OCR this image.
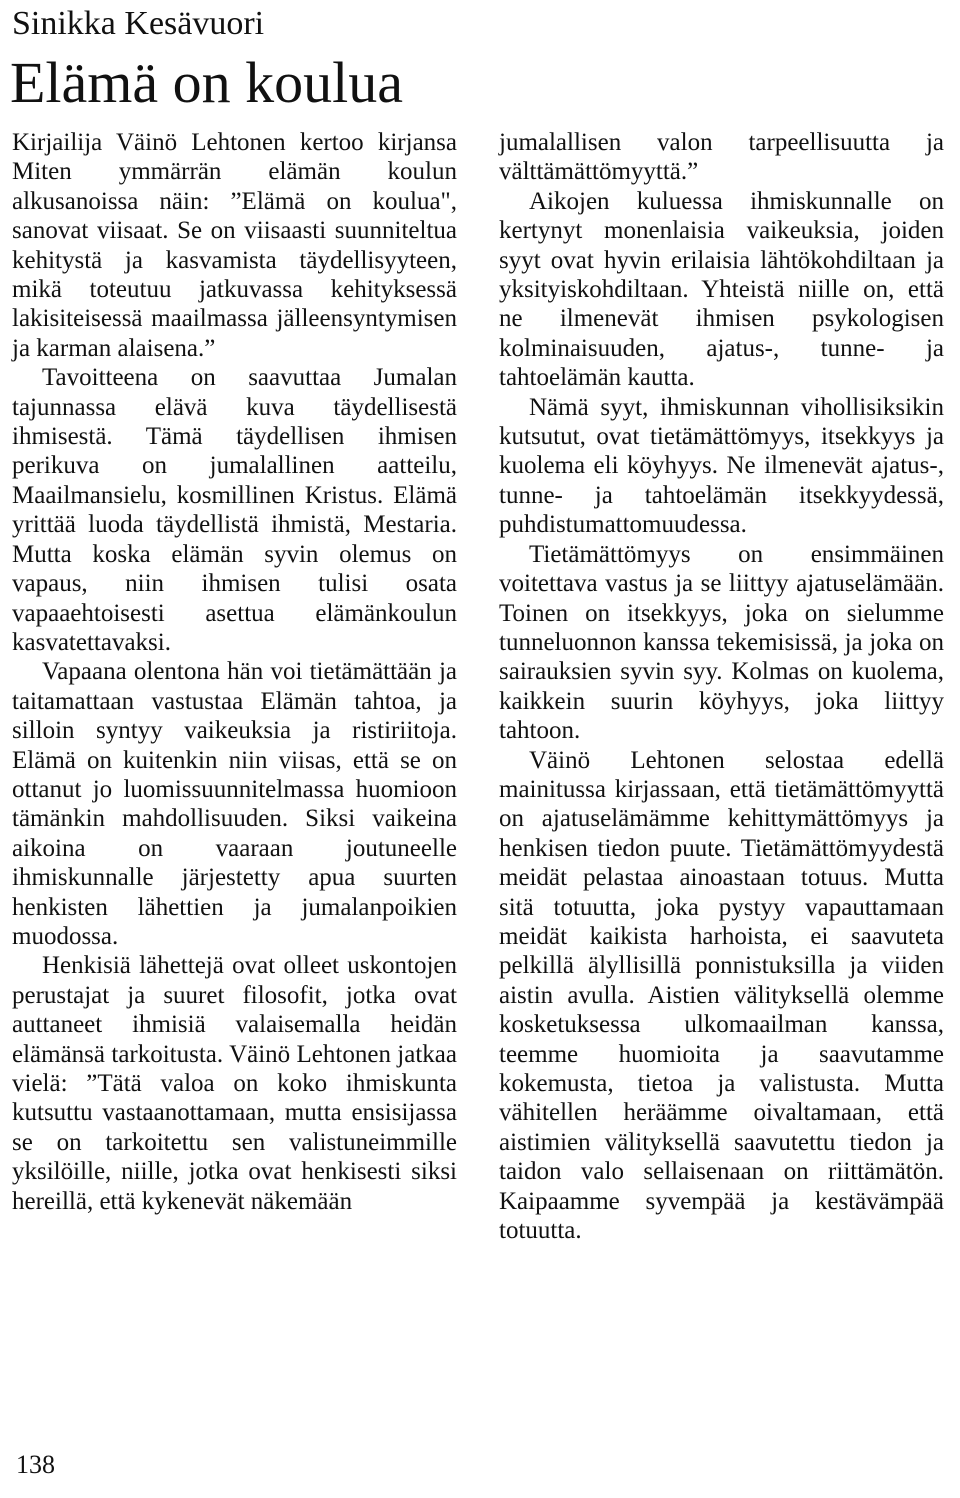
Sinikka Kesävuori
Elämä on koulua

Kirjailija Väinö Lehtonen kertoo kirjansa Miten ymmärrän elämän koulun alkusanoissa näin: ”Elämä on koulua", sanovat viisaat. Se on viisaasti suunniteltua kehitystä ja kasvamista täydellisyyteen, mikä toteutuu jatkuvassa kehityksessä lakisiteisessä maailmassa jälleensyntymisen ja karman alaisena.”

Tavoitteena on saavuttaa Jumalan tajunnassa elävä kuva täydellisestä ihmisestä. Tämä täydellisen ihmisen perikuva on jumalallinen aatteilu, Maailmansielu, kosmillinen Kristus. Elämä yrittää luoda täydellistä ihmistä, Mestaria. Mutta koska elämän syvin olemus on vapaus, niin ihmisen tulisi osata vapaaehtoisesti asettua elämänkoulun kasvatettavaksi.

Vapaana olentona hän voi tietämättään ja taitamattaan vastustaa Elämän tahtoa, ja silloin syntyy vaikeuksia ja ristiriitoja. Elämä on kuitenkin niin viisas, että se on ottanut jo luomissuunnitelmassa huomioon tämänkin mahdollisuuden. Siksi vaikeina aikoina on vaaraan joutuneelle ihmiskunnalle järjestetty apua suurten henkisten lähettien ja jumalanpoikien muodossa.

Henkisiä lähettejä ovat olleet uskontojen perustajat ja suuret filosofit, jotka ovat auttaneet ihmisiä valaisemalla heidän elämänsä tarkoitusta. Väinö Lehtonen jatkaa vielä: ”Tätä valoa on koko ihmiskunta kutsuttu vastaanottamaan, mutta ensisijassa se on tarkoitettu sen valistuneimmille yksilöille, niille, jotka ovat henkisesti siksi hereillä, että kykenevät näkemään

jumalallisen valon tarpeellisuutta ja välttämättömyyttä.”

Aikojen kuluessa ihmiskunnalle on kertynyt monenlaisia vaikeuksia, joiden syyt ovat hyvin erilaisia lähtökohdiltaan ja yksityiskohdiltaan. Yhteistä niille on, että ne ilmenevät ihmisen psykologisen kolminaisuuden, ajatus-, tunne- ja tahtoelämän kautta.

Nämä syyt, ihmiskunnan vihollisiksikin kutsutut, ovat tietämättömyys, itsekkyys ja kuolema eli köyhyys. Ne ilmenevät ajatus-, tunne- ja tahtoelämän itsekkyydessä, puhdistumattomuudessa.

Tietämättömyys on ensimmäinen voitettava vastus ja se liittyy ajatuselämään. Toinen on itsekkyys, joka on sielumme tunneluonnon kanssa tekemisissä, ja joka on sairauksien syvin syy. Kolmas on kuolema, kaikkein suurin köyhyys, joka liittyy tahtoon.

Väinö Lehtonen selostaa edellä mainitussa kirjassaan, että tietämättömyyttä on ajatuselämämme kehittymättömyys ja henkisen tiedon puute. Tietämättömyydestä meidät pelastaa ainoastaan totuus. Mutta sitä totuutta, joka pystyy vapauttamaan meidät kaikista harhoista, ei saavuteta pelkillä älyllisillä ponnistuksilla ja viiden aistin avulla. Aistien välityksellä olemme kosketuksessa ulkomaailman kanssa, teemme huomioita ja saavutamme kokemusta, tietoa ja valistusta. Mutta vähitellen heräämme oivaltamaan, että aistimien välityksellä saavutettu tiedon ja taidon valo sellaisenaan on riittämätön. Kaipaamme syvempää ja kestävämpää totuutta.

138
